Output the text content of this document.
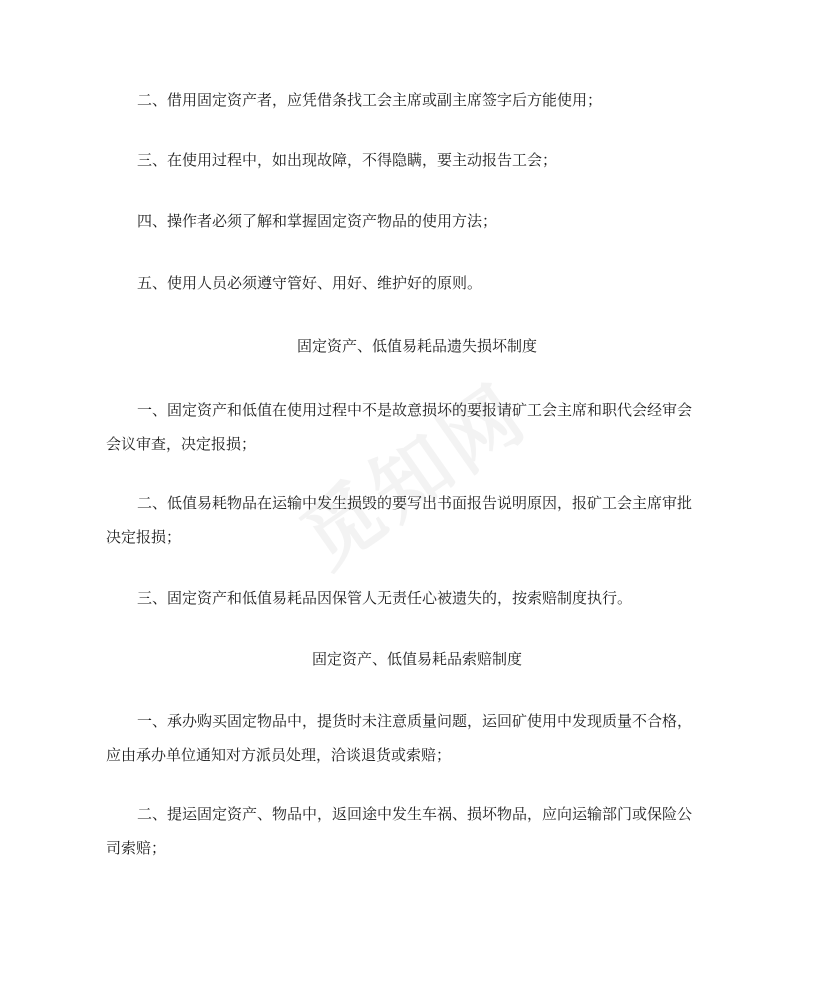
二、借用固定资产者，应凭借条找工会主席或副主席签字后方能使用；

三、在使用过程中，如出现故障，不得隐瞒，要主动报告工会；

四、操作者必须了解和掌握固定资产物品的使用方法；

五、使用人员必须遵守管好、用好、维护好的原则。

固定资产、低值易耗品遗失损坏制度

一、固定资产和低值在使用过程中不是故意损坏的要报请矿工会主席和职代会经审会
会议审查，决定报损；

二、低值易耗物品在运输中发生损毁的要写出书面报告说明原因，报矿工会主席审批
决定报损；

三、固定资产和低值易耗品因保管人无责任心被遗失的，按索赔制度执行。

固定资产、低值易耗品索赔制度

一、承办购买固定物品中，提货时未注意质量问题，运回矿使用中发现质量不合格，
应由承办单位通知对方派员处理，洽谈退货或索赔；

二、提运固定资产、物品中，返回途中发生车祸、损坏物品，应向运输部门或保险公
司索赔；
